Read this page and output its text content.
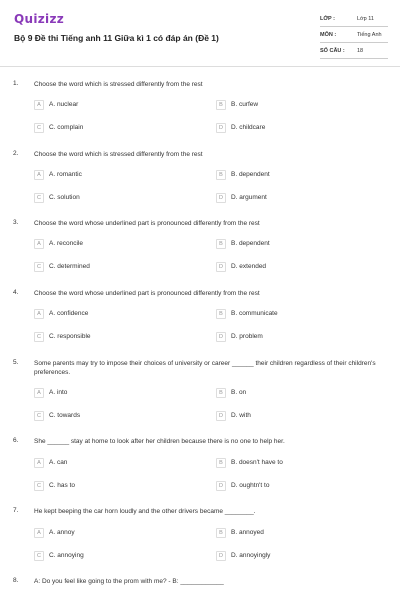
Quizizz
Bộ 9 Đề thi Tiếng anh 11 Giữa kì 1 có đáp án (Đề 1)
LỚP :	Lớp 11
MÔN :	Tiếng Anh
SỐ CÂU : 18
1. Choose the word which is stressed differently from the rest
A	A. nuclear	B	B. curfew
C	C. complain	D	D. childcare
2. Choose the word which is stressed differently from the rest
A	A. romantic	B	B. dependent
C	C. solution	D	D. argument
3. Choose the word whose underlined part is pronounced differently from the rest
A	A. reconcile	B	B. dependent
C	C. determined	D	D. extended
4. Choose the word whose underlined part is pronounced differently from the rest
A	A. confidence	B	B. communicate
C	C. responsible	D	D. problem
5. Some parents may try to impose their choices of university or career ______ their children regardless of their children's preferences.
A	A. into	B	B. on
C	C. towards	D	D. with
6. She ______ stay at home to look after her children because there is no one to help her.
A	A. can	B	B. doesn't have to
C	C. has to	D	D. oughtn't to
7. He kept beeping the car horn loudly and the other drivers became ________.
A	A. annoy	B	B. annoyed
C	C. annoying	D	D. annoyingly
8. A: Do you feel like going to the prom with me? - B: ____________
